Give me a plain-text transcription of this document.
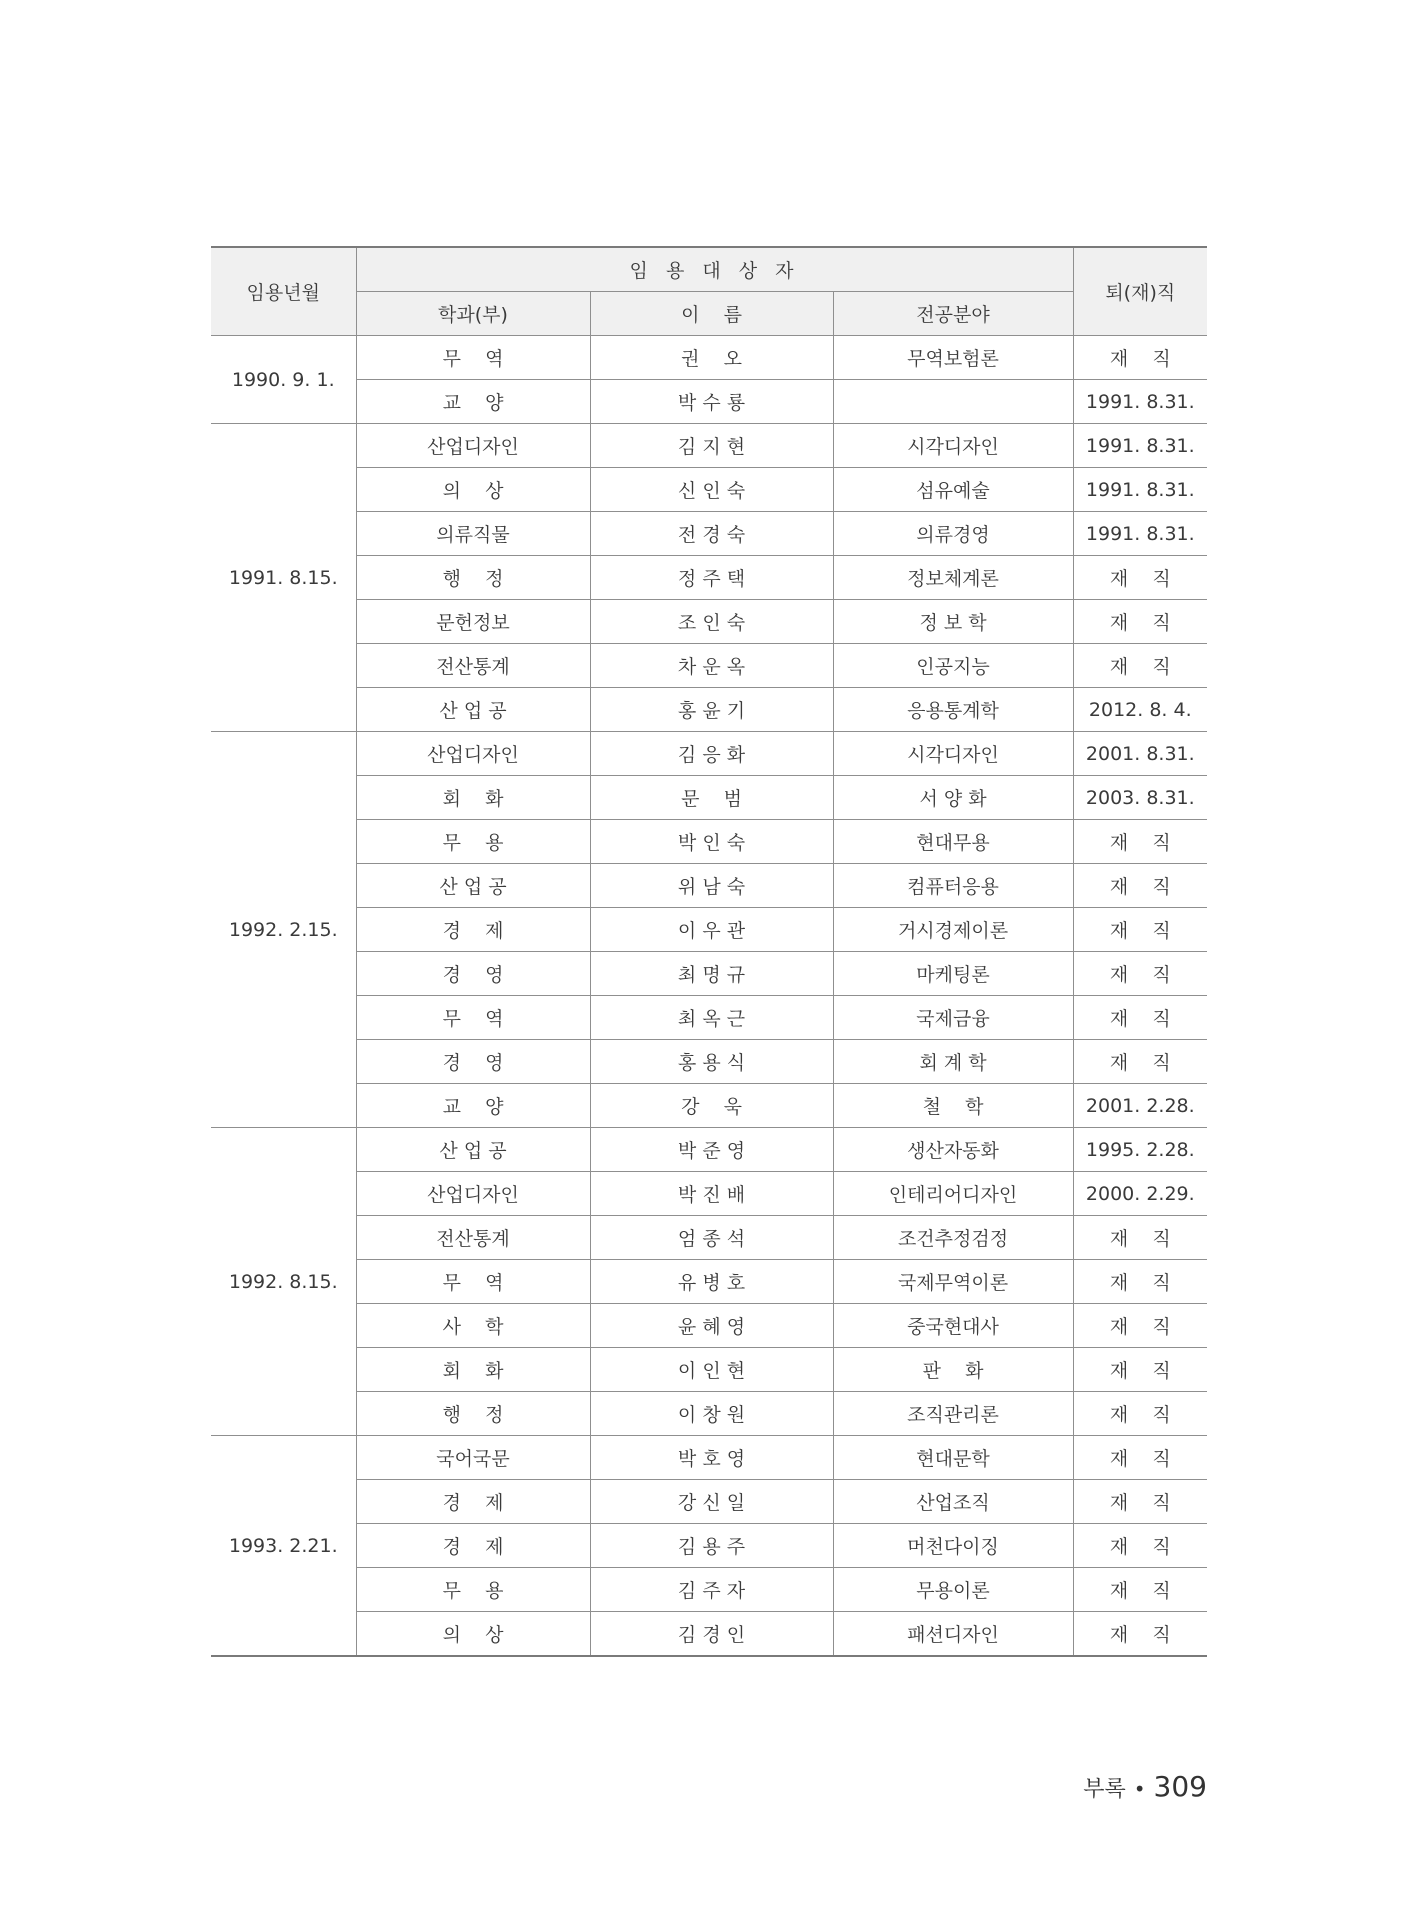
임용년월	임 용 대 상 자			퇴(재)직
	학과(부)	이    름	전공분야	
1990. 9. 1.	무    역	권    오	무역보험론	재    직
	교    양	박 수 룡		1991. 8.31.
1991. 8.15.	산업디자인	김 지 현	시각디자인	1991. 8.31.
	의    상	신 인 숙	섬유예술	1991. 8.31.
	의류직물	전 경 숙	의류경영	1991. 8.31.
	행    정	정 주 택	정보체계론	재    직
	문헌정보	조 인 숙	정 보 학	재    직
	전산통계	차 운 옥	인공지능	재    직
	산 업 공	홍 윤 기	응용통계학	2012. 8. 4.
1992. 2.15.	산업디자인	김 응 화	시각디자인	2001. 8.31.
	회    화	문    범	서 양 화	2003. 8.31.
	무    용	박 인 숙	현대무용	재    직
	산 업 공	위 남 숙	컴퓨터응용	재    직
	경    제	이 우 관	거시경제이론	재    직
	경    영	최 명 규	마케팅론	재    직
	무    역	최 옥 근	국제금융	재    직
	경    영	홍 용 식	회 계 학	재    직
	교    양	강    욱	철    학	2001. 2.28.
1992. 8.15.	산 업 공	박 준 영	생산자동화	1995. 2.28.
	산업디자인	박 진 배	인테리어디자인	2000. 2.29.
	전산통계	엄 종 석	조건추정검정	재    직
	무    역	유 병 호	국제무역이론	재    직
	사    학	윤 혜 영	중국현대사	재    직
	회    화	이 인 현	판    화	재    직
	행    정	이 창 원	조직관리론	재    직
1993. 2.21.	국어국문	박 호 영	현대문학	재    직
	경    제	강 신 일	산업조직	재    직
	경    제	김 용 주	머천다이징	재    직
	무    용	김 주 자	무용이론	재    직
	의    상	김 경 인	패션디자인	재    직
부록 • 309
